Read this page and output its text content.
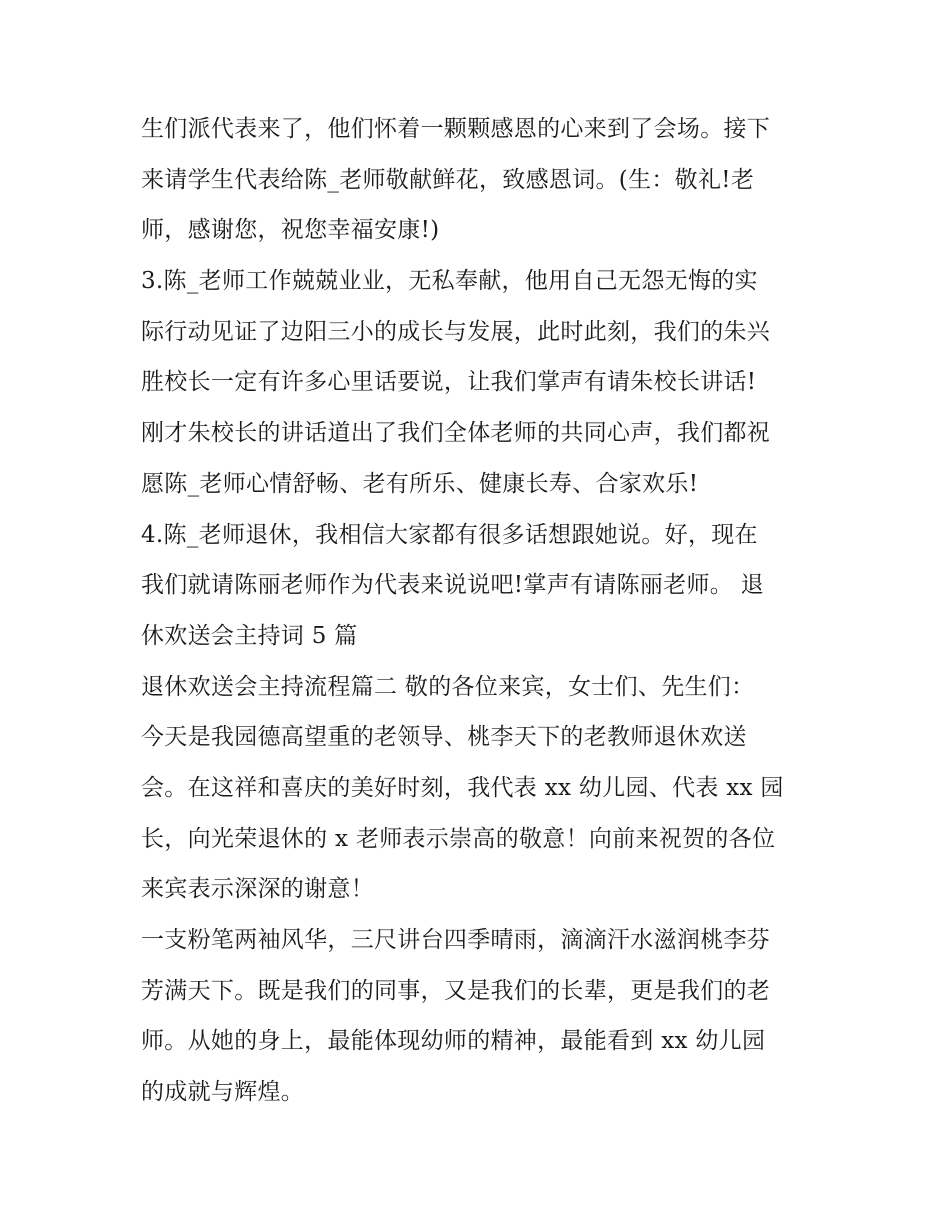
生们派代表来了，他们怀着一颗颗感恩的心来到了会场。接下
来请学生代表给陈_老师敬献鲜花，致感恩词。(生：敬礼!老
师，感谢您，祝您幸福安康!)
3.陈_老师工作兢兢业业，无私奉献，他用自己无怨无悔的实
际行动见证了边阳三小的成长与发展，此时此刻，我们的朱兴
胜校长一定有许多心里话要说，让我们掌声有请朱校长讲话!
刚才朱校长的讲话道出了我们全体老师的共同心声，我们都祝
愿陈_老师心情舒畅、老有所乐、健康长寿、合家欢乐!
4.陈_老师退休，我相信大家都有很多话想跟她说。好，现在
我们就请陈丽老师作为代表来说说吧!掌声有请陈丽老师。 退
休欢送会主持词 5 篇
退休欢送会主持流程篇二 敬的各位来宾，女士们、先生们：
今天是我园德高望重的老领导、桃李天下的老教师退休欢送
会。在这祥和喜庆的美好时刻，我代表 xx 幼儿园、代表 xx 园
长，向光荣退休的 x 老师表示崇高的敬意！向前来祝贺的各位
来宾表示深深的谢意！
一支粉笔两袖风华，三尺讲台四季晴雨，滴滴汗水滋润桃李芬
芳满天下。既是我们的同事，又是我们的长辈，更是我们的老
师。从她的身上，最能体现幼师的精神，最能看到 xx 幼儿园
的成就与辉煌。
